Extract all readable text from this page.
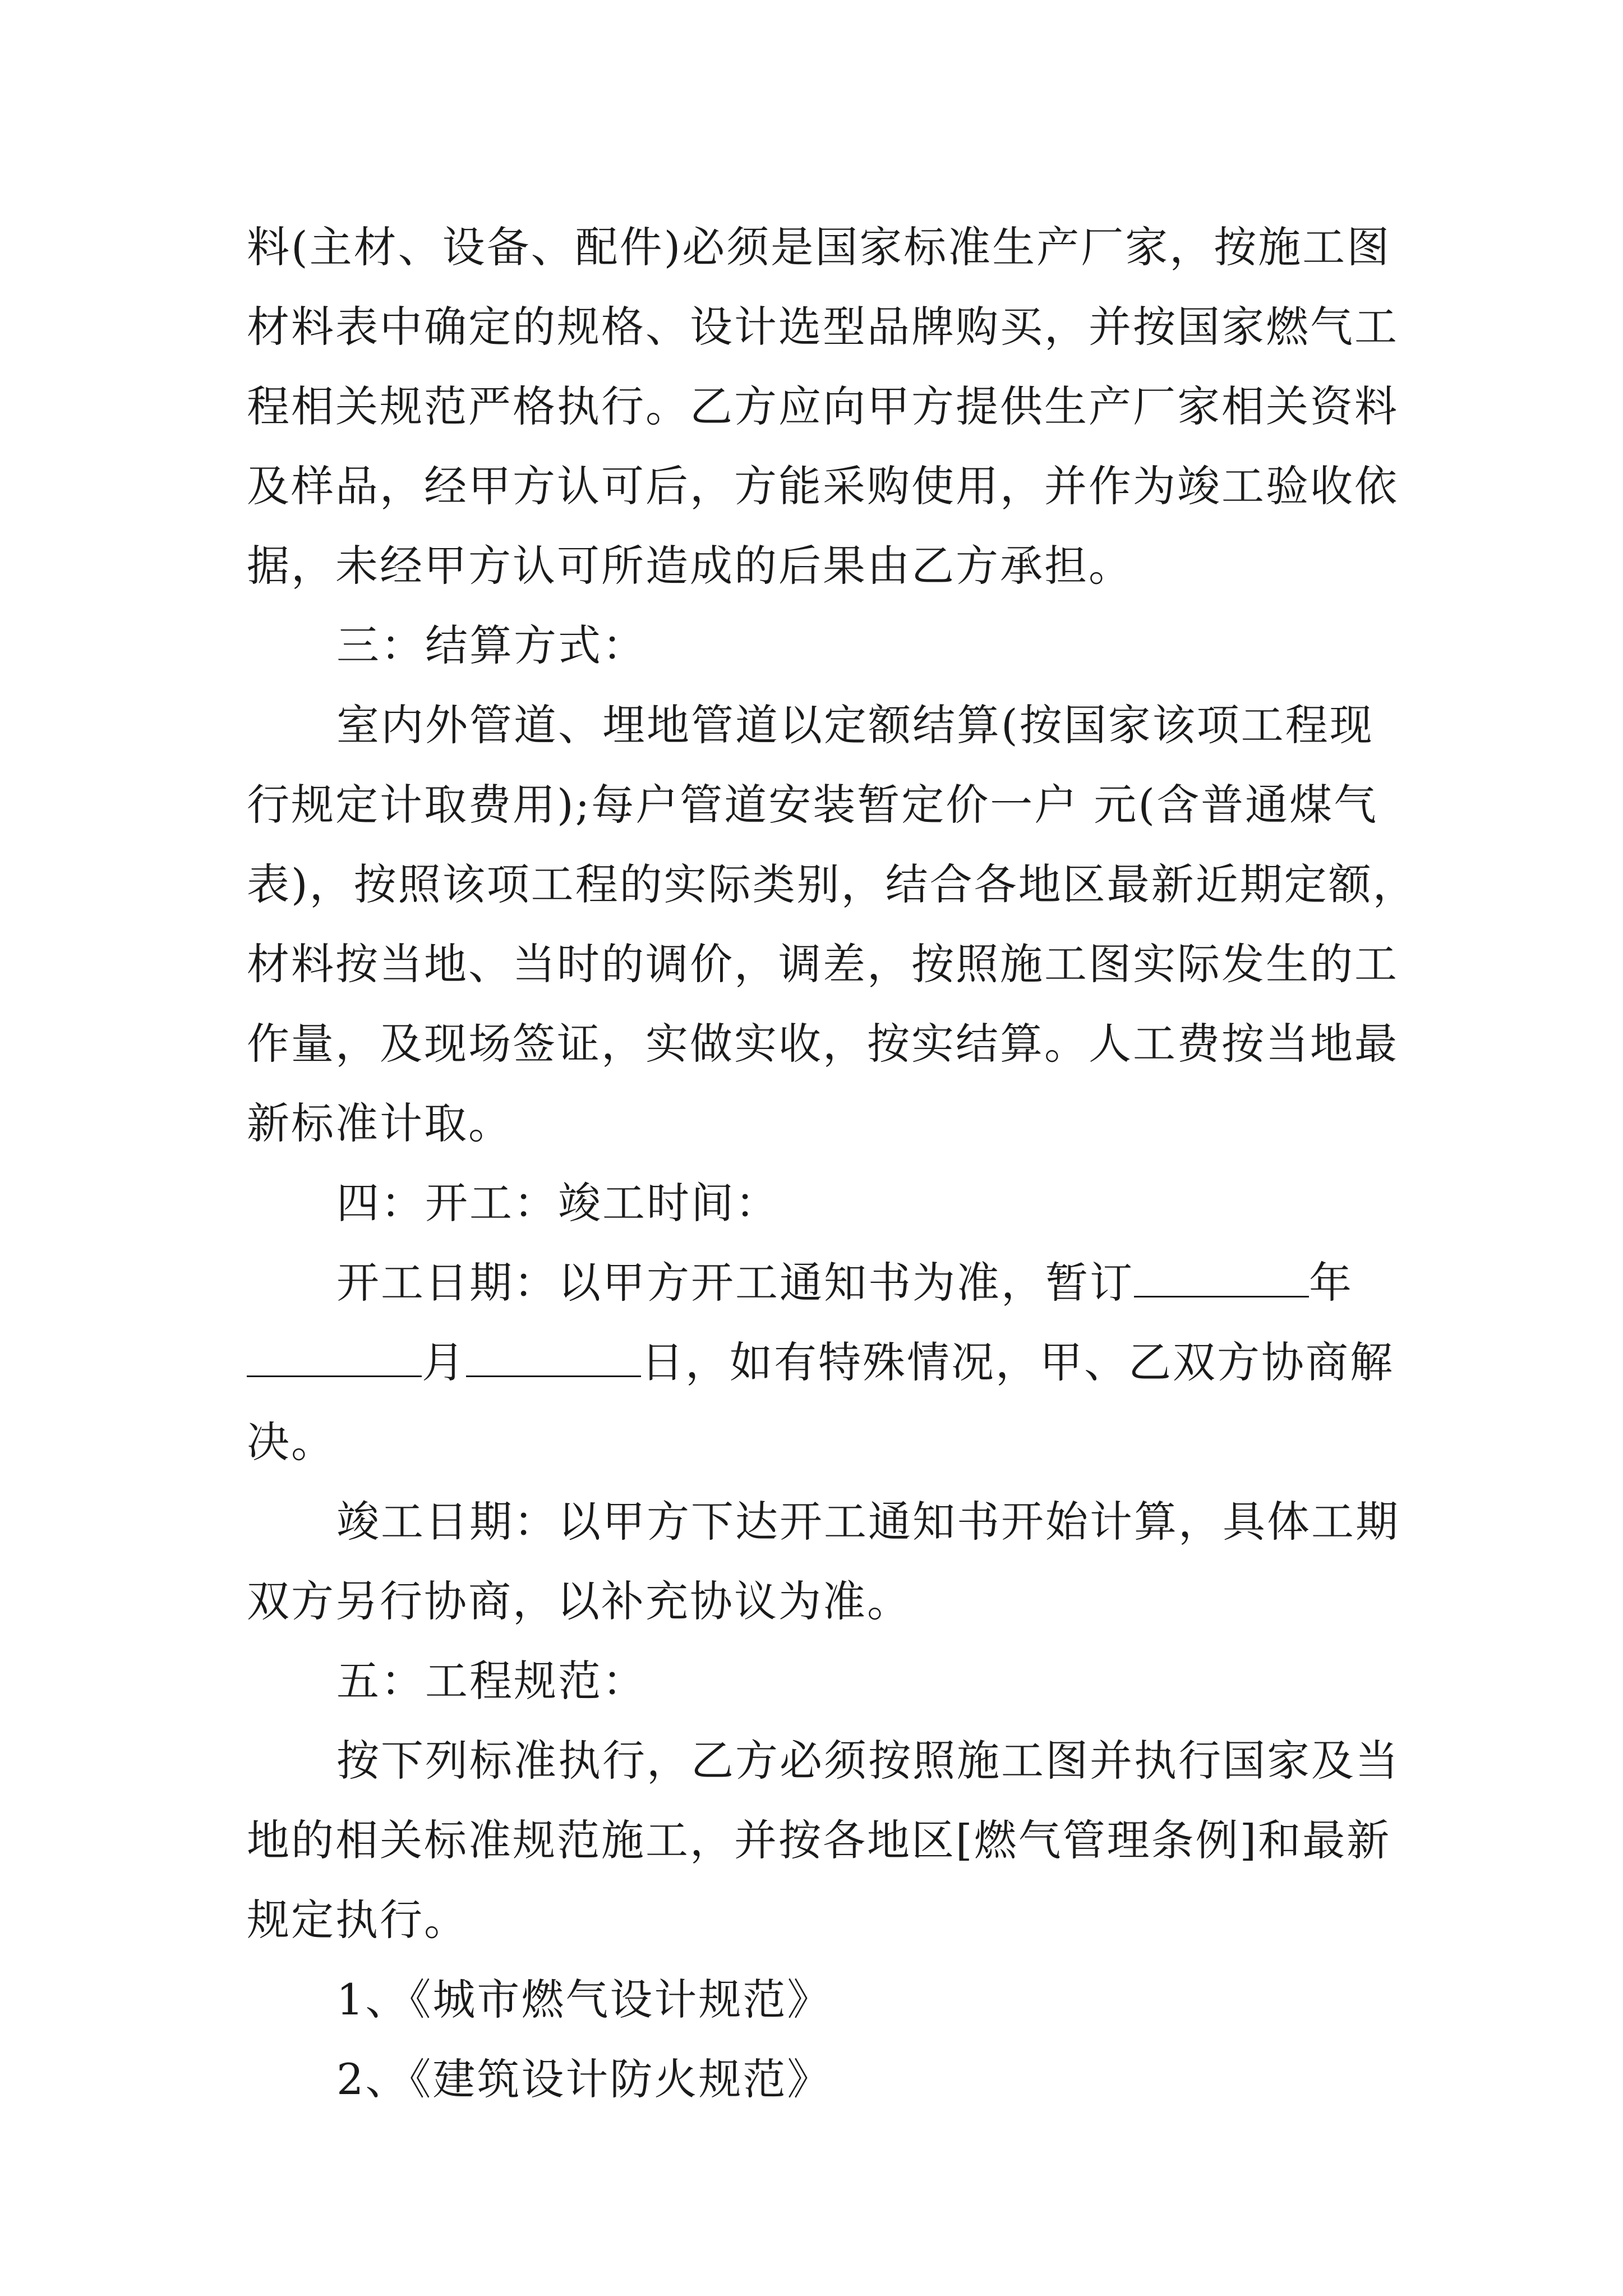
料(主材、设备、配件)必须是国家标准生产厂家，按施工图
材料表中确定的规格、设计选型品牌购买，并按国家燃气工
程相关规范严格执行。乙方应向甲方提供生产厂家相关资料
及样品，经甲方认可后，方能采购使用，并作为竣工验收依
据，未经甲方认可所造成的后果由乙方承担。
三：结算方式：
室内外管道、埋地管道以定额结算(按国家该项工程现
行规定计取费用);每户管道安装暂定价一户 元(含普通煤气
表)，按照该项工程的实际类别，结合各地区最新近期定额，
材料按当地、当时的调价，调差，按照施工图实际发生的工
作量，及现场签证，实做实收，按实结算。人工费按当地最
新标准计取。
四：开工：竣工时间：
开工日期：以甲方开工通知书为准，暂订	年
月	日，如有特殊情况，甲、乙双方协商解
决。
竣工日期：以甲方下达开工通知书开始计算，具体工期
双方另行协商，以补充协议为准。
五：工程规范：
按下列标准执行，乙方必须按照施工图并执行国家及当
地的相关标准规范施工，并按各地区[燃气管理条例]和最新
规定执行。
1、《城市燃气设计规范》
2、《建筑设计防火规范》
